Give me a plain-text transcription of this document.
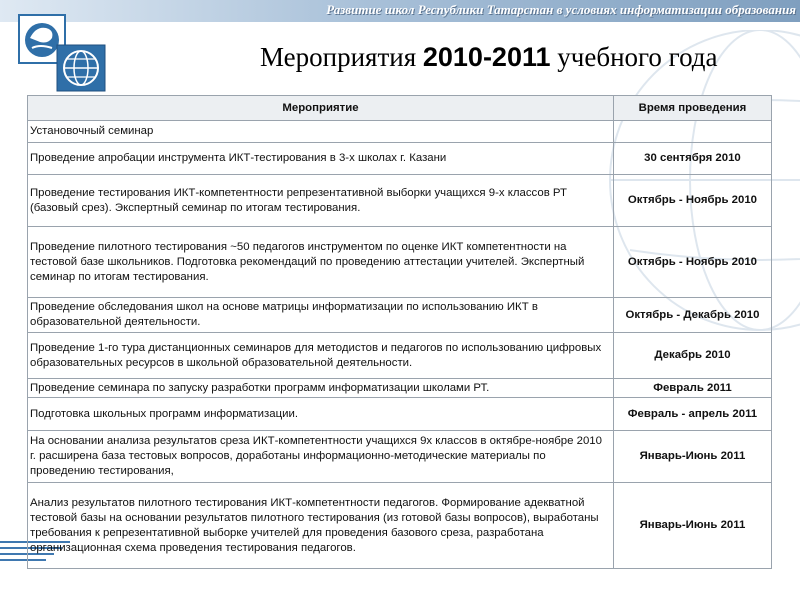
Развитие школ Республики Татарстан в условиях информатизации образования
Мероприятия 2010-2011 учебного года
Мероприятие	Время проведения
Установочный семинар	
Проведение апробации инструмента ИКТ-тестирования в 3-х школах г. Казани	30 сентября 2010
Проведение тестирования ИКТ-компетентности репрезентативной выборки учащихся 9-х классов РТ (базовый срез). Экспертный семинар по итогам тестирования.	Октябрь - Ноябрь 2010
Проведение пилотного тестирования ~50 педагогов инструментом по оценке ИКТ компетентности на тестовой базе школьников. Подготовка рекомендаций по проведению аттестации учителей. Экспертный семинар по итогам тестирования.	Октябрь - Ноябрь 2010
Проведение обследования школ на основе матрицы информатизации по использованию ИКТ в образовательной деятельности.	Октябрь - Декабрь 2010
Проведение 1-го тура дистанционных семинаров для методистов и педагогов по использованию цифровых образовательных ресурсов в школьной образовательной деятельности.	Декабрь 2010
Проведение семинара по запуску разработки программ информатизации школами РТ.	Февраль 2011
Подготовка школьных программ информатизации.	Февраль - апрель 2011
На основании анализа результатов среза ИКТ-компетентности учащихся 9х классов в октябре-ноябре 2010 г. расширена база тестовых вопросов, доработаны информационно-методические материалы по проведению тестирования,	Январь-Июнь 2011
Анализ результатов пилотного тестирования ИКТ-компетентности педагогов. Формирование адекватной тестовой базы на основании результатов пилотного тестирования (из готовой базы вопросов), выработаны требования к репрезентативной выборке учителей для проведения базового среза, разработана организационная схема проведения тестирования педагогов.	Январь-Июнь 2011
